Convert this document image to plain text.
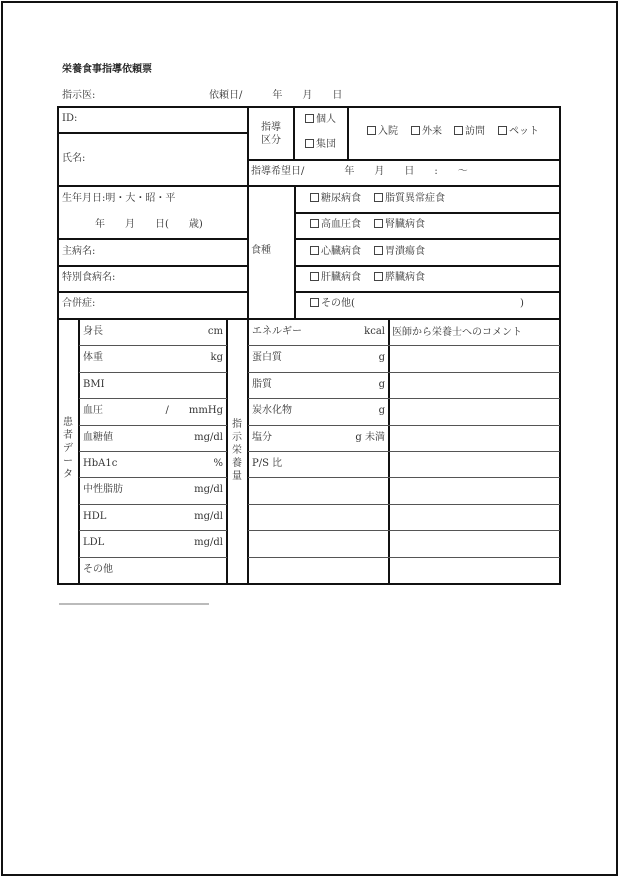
栄養食事指導依頼票
指示医:	依頼日/　　　年　　月　　日
ID:
氏名:
指導
区分
個人
集団
入院	外来	訪問	ペット
指導希望日/　　　　年　　月　　日　　:　　〜
生年月日:明・大・昭・平
年　　月　　日(　　歳)
主病名:
特別食病名:
合併症:
食種
糖尿病食	脂質異常症食
高血圧食	腎臓病食
心臓病食	胃潰瘍食
肝臓病食	膵臓病食
その他(	)
患者データ
指示栄養量
医師から栄養士へのコメント
身長	cm
体重	kg
BMI
血圧	/　　mmHg
血糖値	mg/dl
HbA1c	%
中性脂肪	mg/dl
HDL	mg/dl
LDL	mg/dl
その他
エネルギー	kcal
蛋白質	g
脂質	g
炭水化物	g
塩分	g 未満
P/S 比
